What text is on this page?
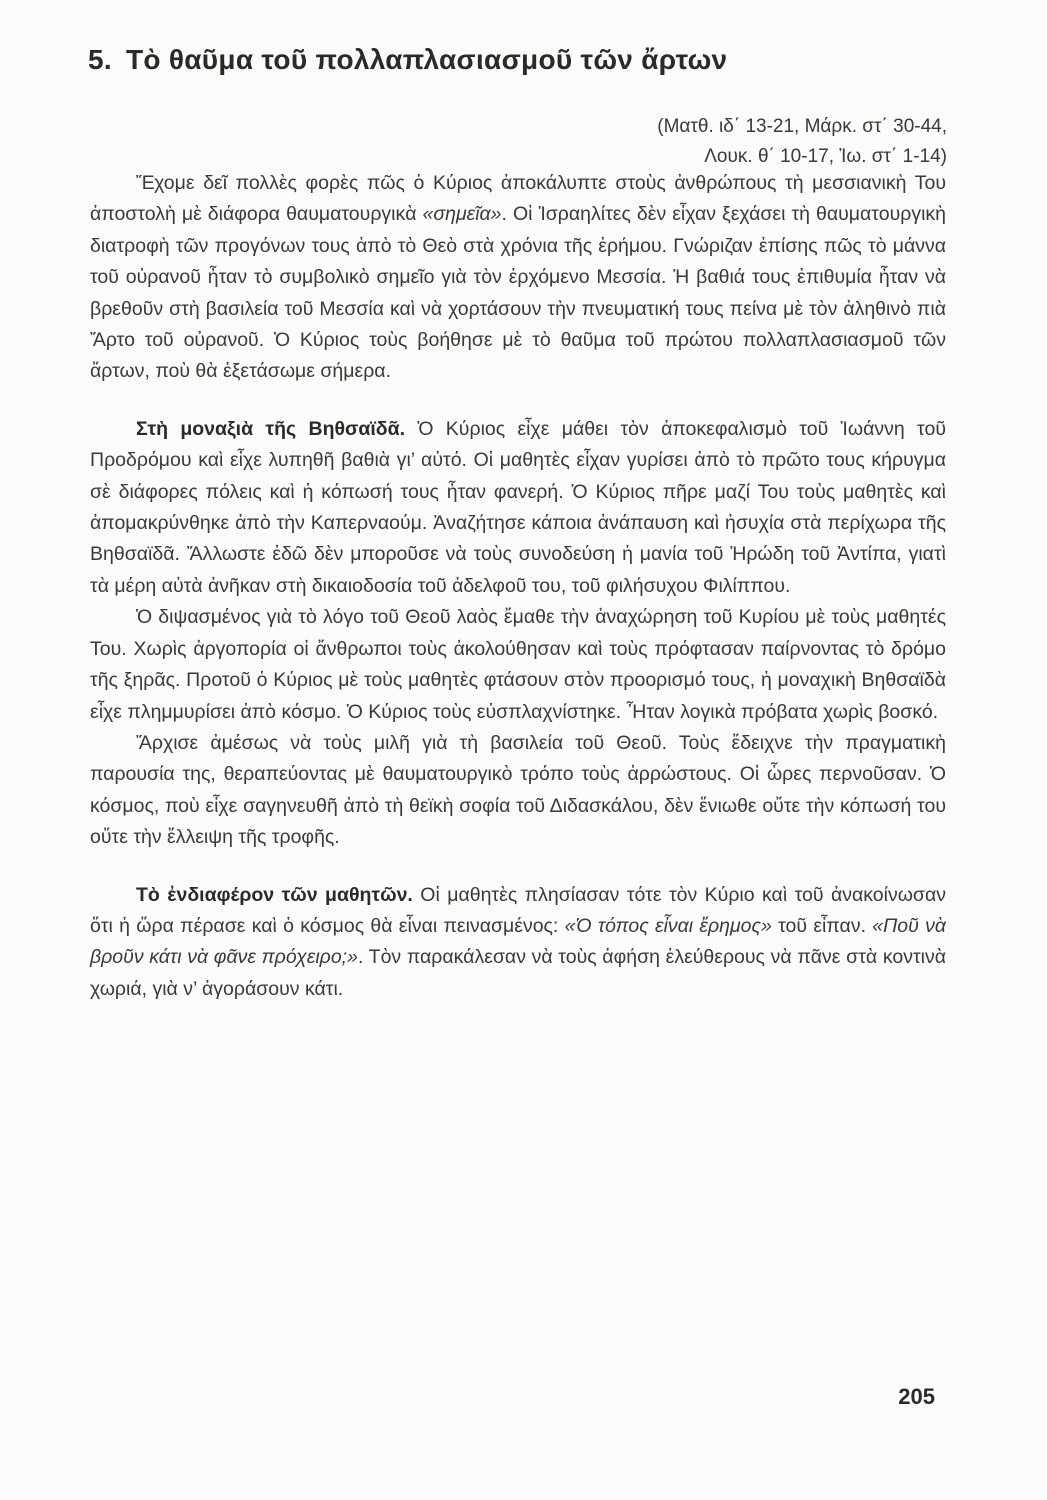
5. Τὸ θαῦμα τοῦ πολλαπλασιασμοῦ τῶν ἄρτων
(Ματθ. ιδ΄ 13-21, Μάρκ. στ΄ 30-44,
Λουκ. θ΄ 10-17, Ἰω. στ΄ 1-14)

Ἔχομε δεῖ πολλὲς φορὲς πῶς ὁ Κύριος ἀποκάλυπτε στοὺς ἀνθρώπους τὴ μεσσιανικὴ Του ἀποστολὴ μὲ διάφορα θαυματουργικὰ «σημεῖα». Οἱ Ἰσραηλίτες δὲν εἶχαν ξεχάσει τὴ θαυματουργικὴ διατροφὴ τῶν προγόνων τους ἀπὸ τὸ Θεὸ στὰ χρόνια τῆς ἐρήμου. Γνώριζαν ἐπίσης πῶς τὸ μάννα τοῦ οὐρανοῦ ἦταν τὸ συμβολικὸ σημεῖο γιὰ τὸν ἐρχόμενο Μεσσία. Ἡ βαθιά τους ἐπιθυμία ἦταν νὰ βρεθοῦν στὴ βασιλεία τοῦ Μεσσία καὶ νὰ χορτάσουν τὴν πνευματική τους πείνα μὲ τὸν ἀληθινὸ πιὰ Ἄρτο τοῦ οὐρανοῦ. Ὁ Κύριος τοὺς βοήθησε μὲ τὸ θαῦμα τοῦ πρώτου πολλαπλασιασμοῦ τῶν ἄρτων, ποὺ θὰ ἐξετάσωμε σήμερα.

Στὴ μοναξιὰ τῆς Βηθσαϊδᾶ. Ὁ Κύριος εἶχε μάθει τὸν ἀποκεφαλισμὸ τοῦ Ἰωάννη τοῦ Προδρόμου καὶ εἶχε λυπηθῆ βαθιὰ γι’ αὐτό. Οἱ μαθητὲς εἶχαν γυρίσει ἀπὸ τὸ πρῶτο τους κήρυγμα σὲ διάφορες πόλεις καὶ ἡ κόπωσή τους ἦταν φανερή. Ὁ Κύριος πῆρε μαζί Του τοὺς μαθητὲς καὶ ἀπομακρύνθηκε ἀπὸ τὴν Καπερναούμ. Ἀναζήτησε κάποια ἀνάπαυση καὶ ἡσυχία στὰ περίχωρα τῆς Βηθσαϊδᾶ. Ἄλλωστε ἐδῶ δὲν μποροῦσε νὰ τοὺς συνοδεύση ἡ μανία τοῦ Ἡρώδη τοῦ Ἀντίπα, γιατὶ τὰ μέρη αὐτὰ ἀνῆκαν στὴ δικαιοδοσία τοῦ ἀδελφοῦ του, τοῦ φιλήσυχου Φιλίππου.

Ὁ διψασμένος γιὰ τὸ λόγο τοῦ Θεοῦ λαὸς ἔμαθε τὴν ἀναχώρηση τοῦ Κυρίου μὲ τοὺς μαθητές Του. Χωρὶς ἀργοπορία οἱ ἄνθρωποι τοὺς ἀκολούθησαν καὶ τοὺς πρόφτασαν παίρνοντας τὸ δρόμο τῆς ξηρᾶς. Προτοῦ ὁ Κύριος μὲ τοὺς μαθητὲς φτάσουν στὸν προορισμό τους, ἡ μοναχικὴ Βηθσαϊδὰ εἶχε πλημμυρίσει ἀπὸ κόσμο. Ὁ Κύριος τοὺς εὐσπλαχνίστηκε. Ἦταν λογικὰ πρόβατα χωρὶς βοσκό.

Ἄρχισε ἀμέσως νὰ τοὺς μιλῆ γιὰ τὴ βασιλεία τοῦ Θεοῦ. Τοὺς ἔδειχνε τὴν πραγματικὴ παρουσία της, θεραπεύοντας μὲ θαυματουργικὸ τρόπο τοὺς ἀρρώστους. Οἱ ὧρες περνοῦσαν. Ὁ κόσμος, ποὺ εἶχε σαγηνευθῆ ἀπὸ τὴ θεϊκὴ σοφία τοῦ Διδασκάλου, δὲν ἔνιωθε οὔτε τὴν κόπωσή του οὔτε τὴν ἔλλειψη τῆς τροφῆς.

Τὸ ἐνδιαφέρον τῶν μαθητῶν. Οἱ μαθητὲς πλησίασαν τότε τὸν Κύριο καὶ τοῦ ἀνακοίνωσαν ὅτι ἡ ὥρα πέρασε καὶ ὁ κόσμος θὰ εἶναι πεινασμένος: «Ὁ τόπος εἶναι ἔρημος» τοῦ εἶπαν. «Ποῦ νὰ βροῦν κάτι νὰ φᾶνε πρόχειρο;». Τὸν παρακάλεσαν νὰ τοὺς ἀφήση ἐλεύθερους νὰ πᾶνε στὰ κοντινὰ χωριά, γιὰ ν’ ἀγοράσουν κάτι.

205
